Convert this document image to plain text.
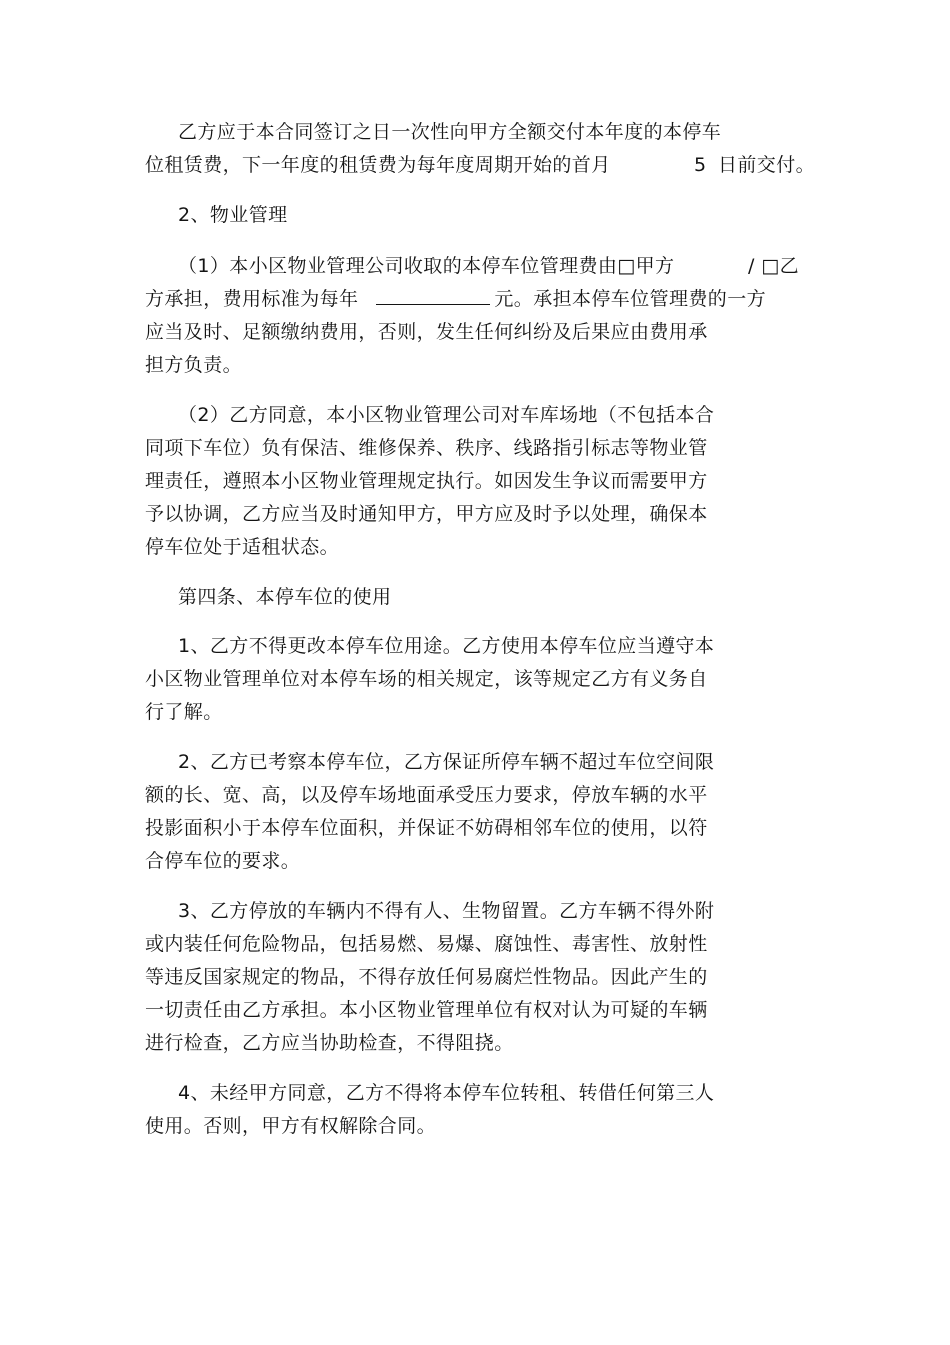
乙方应于本合同签订之日一次性向甲方全额交付本年度的本停车
位租赁费，下一年度的租赁费为每年度周期开始的首月	5 日前交付。
2、物业管理
（1）本小区物业管理公司收取的本停车位管理费由□甲方	/ □乙
方承担，费用标准为每年	元。承担本停车位管理费的一方
应当及时、足额缴纳费用，否则，发生任何纠纷及后果应由费用承
担方负责。
（2）乙方同意，本小区物业管理公司对车库场地（不包括本合
同项下车位）负有保洁、维修保养、秩序、线路指引标志等物业管
理责任，遵照本小区物业管理规定执行。如因发生争议而需要甲方
予以协调，乙方应当及时通知甲方，甲方应及时予以处理，确保本
停车位处于适租状态。
第四条、本停车位的使用
1、乙方不得更改本停车位用途。乙方使用本停车位应当遵守本
小区物业管理单位对本停车场的相关规定，该等规定乙方有义务自
行了解。
2、乙方已考察本停车位，乙方保证所停车辆不超过车位空间限
额的长、宽、高，以及停车场地面承受压力要求，停放车辆的水平
投影面积小于本停车位面积，并保证不妨碍相邻车位的使用，以符
合停车位的要求。
3、乙方停放的车辆内不得有人、生物留置。乙方车辆不得外附
或内装任何危险物品，包括易燃、易爆、腐蚀性、毒害性、放射性
等违反国家规定的物品，不得存放任何易腐烂性物品。因此产生的
一切责任由乙方承担。本小区物业管理单位有权对认为可疑的车辆
进行检查，乙方应当协助检查，不得阻挠。
4、未经甲方同意，乙方不得将本停车位转租、转借任何第三人
使用。否则，甲方有权解除合同。
